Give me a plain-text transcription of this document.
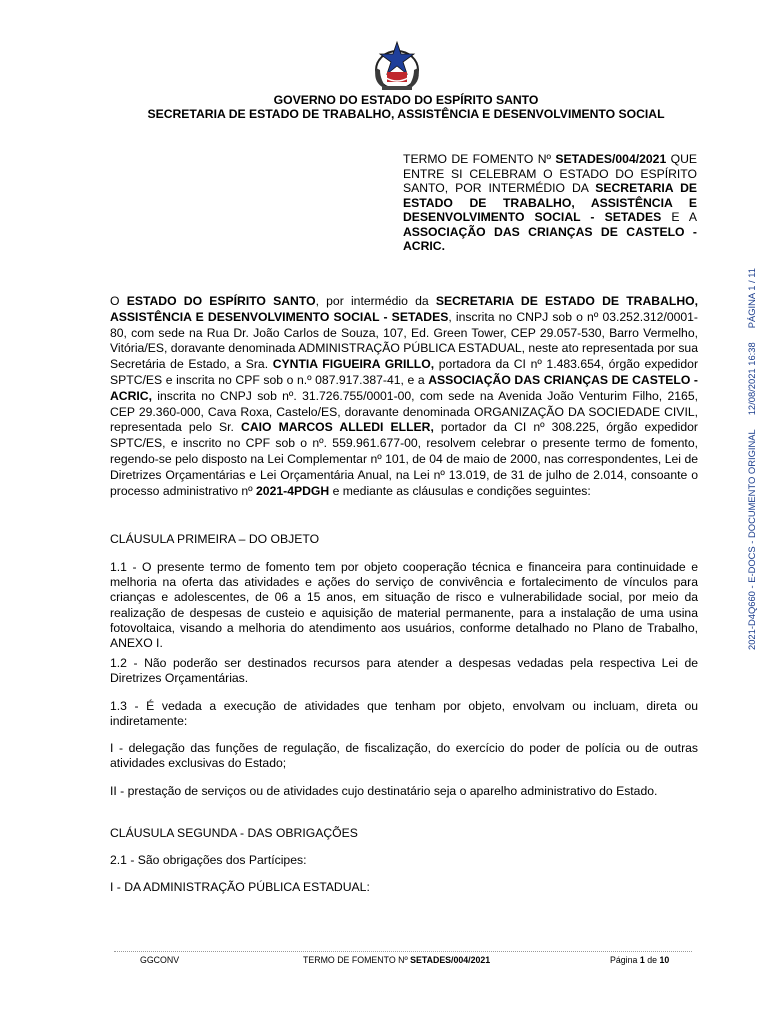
GOVERNO DO ESTADO DO ESPÍRITO SANTO
SECRETARIA DE ESTADO DE TRABALHO, ASSISTÊNCIA E DESENVOLVIMENTO SOCIAL
TERMO DE FOMENTO Nº SETADES/004/2021 QUE ENTRE SI CELEBRAM O ESTADO DO ESPÍRITO SANTO, POR INTERMÉDIO DA SECRETARIA DE ESTADO DE TRABALHO, ASSISTÊNCIA E DESENVOLVIMENTO SOCIAL - SETADES E A ASSOCIAÇÃO DAS CRIANÇAS DE CASTELO - ACRIC.
O ESTADO DO ESPÍRITO SANTO, por intermédio da SECRETARIA DE ESTADO DE TRABALHO, ASSISTÊNCIA E DESENVOLVIMENTO SOCIAL - SETADES, inscrita no CNPJ sob o nº 03.252.312/0001-80, com sede na Rua Dr. João Carlos de Souza, 107, Ed. Green Tower, CEP 29.057-530, Barro Vermelho, Vitória/ES, doravante denominada ADMINISTRAÇÃO PÚBLICA ESTADUAL, neste ato representada por sua Secretária de Estado, a Sra. CYNTIA FIGUEIRA GRILLO, portadora da CI nº 1.483.654, órgão expedidor SPTC/ES e inscrita no CPF sob o n.º 087.917.387-41, e a ASSOCIAÇÃO DAS CRIANÇAS DE CASTELO - ACRIC, inscrita no CNPJ sob nº. 31.726.755/0001-00, com sede na Avenida João Venturim Filho, 2165, CEP 29.360-000, Cava Roxa, Castelo/ES, doravante denominada ORGANIZAÇÃO DA SOCIEDADE CIVIL, representada pelo Sr. CAIO MARCOS ALLEDI ELLER, portador da CI nº 308.225, órgão expedidor SPTC/ES, e inscrito no CPF sob o nº. 559.961.677-00, resolvem celebrar o presente termo de fomento, regendo-se pelo disposto na Lei Complementar nº 101, de 04 de maio de 2000, nas correspondentes, Lei de Diretrizes Orçamentárias e Lei Orçamentária Anual, na Lei nº 13.019, de 31 de julho de 2.014, consoante o processo administrativo nº 2021-4PDGH e mediante as cláusulas e condições seguintes:
CLÁUSULA PRIMEIRA – DO OBJETO
1.1 - O presente termo de fomento tem por objeto cooperação técnica e financeira para continuidade e melhoria na oferta das atividades e ações do serviço de convivência e fortalecimento de vínculos para crianças e adolescentes, de 06 a 15 anos, em situação de risco e vulnerabilidade social, por meio da realização de despesas de custeio e aquisição de material permanente, para a instalação de uma usina fotovoltaica, visando a melhoria do atendimento aos usuários, conforme detalhado no Plano de Trabalho, ANEXO I.
1.2 - Não poderão ser destinados recursos para atender a despesas vedadas pela respectiva Lei de Diretrizes Orçamentárias.
1.3 - É vedada a execução de atividades que tenham por objeto, envolvam ou incluam, direta ou indiretamente:
I - delegação das funções de regulação, de fiscalização, do exercício do poder de polícia ou de outras atividades exclusivas do Estado;
II - prestação de serviços ou de atividades cujo destinatário seja o aparelho administrativo do Estado.
CLÁUSULA SEGUNDA - DAS OBRIGAÇÕES
2.1 - São obrigações dos Partícipes:
I - DA ADMINISTRAÇÃO PÚBLICA ESTADUAL:
2021-D4Q660 - E-DOCS - DOCUMENTO ORIGINAL12/08/2021 16:38PÁGINA 1 / 11
GGCONV	TERMO DE FOMENTO Nº SETADES/004/2021	Página 1 de 10
